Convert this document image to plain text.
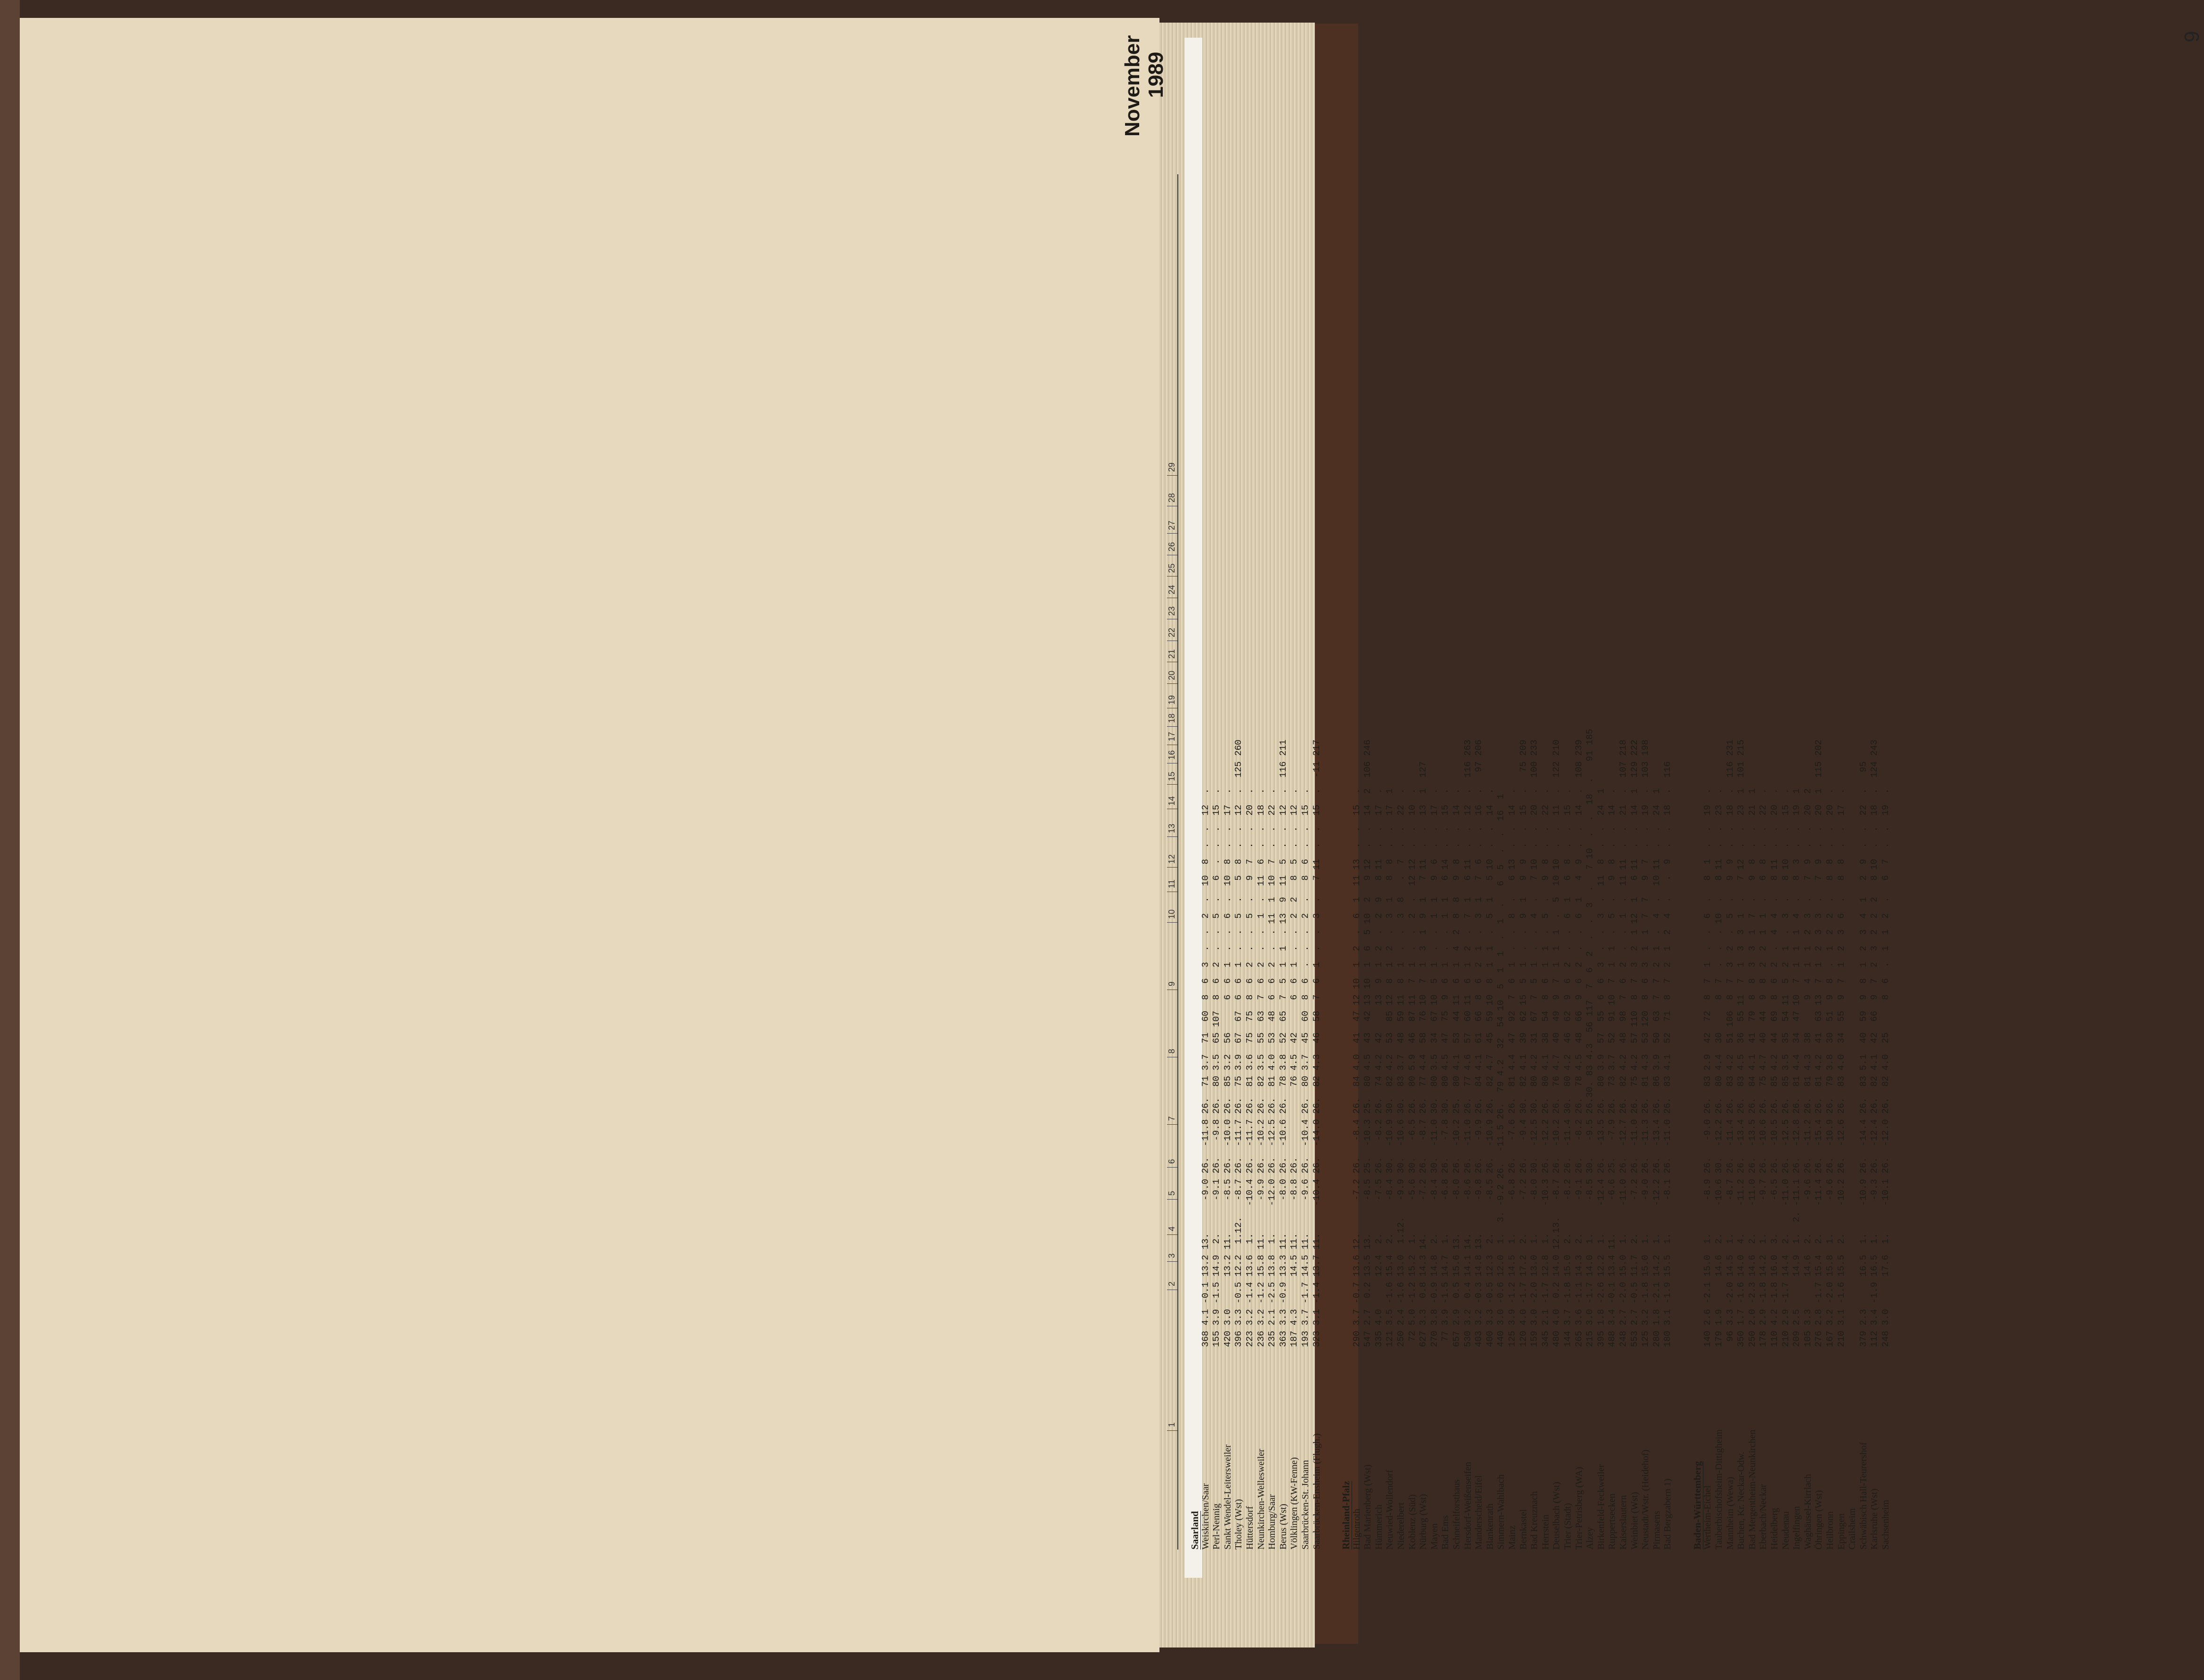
November 1989
1
2
3
4
5
6
7
8
9
10
11
12
13
14
15
16
17
18
19
20
21
22
23
24
25
26
27
28
29
Saarland Weiskirchen/Saar
368 4.1 -0.1 13.2 13.      -9.0 26.  -11.8 26.  71 3.7  71  60  8  6  3  .  .  2  .  10  8  .  .  12  .
Perl-Nennig
155 3.9 -1.5 14.9  2.      -9.1 26.   -9.8 26.  80 3.5  65 107  8  6  2  .  .  5  .   6  .  .  .  15  .
Sankt Wendel-Leitersweiler
420 3.0      13.2 11.      -8.5 26.  -10.0 26.  85 3.2  56      6  6  1  .  .  6  .  10  8  .  .  17  .
Tholey (Wst)
396 3.3 -0.5 12.2  1.12.   -8.7 26.  -11.7 26.  75 3.9  67  67  6  6  1  .  .  5  .   5  8  .  .  12  .  125 260
Hüttersdorf
223 3.2 -1.4 13.6  1.     -10.4 26.  -11.7 26.  81 3.6  75  75  8  6  2  .  .  5  .   9  7  .  .  20  .
Neunkirchen-Wellesweiler
236 3.2 -1.2 15.8 11.      -9.9 26.  -10.2 26.  82 3.5  55  63  7  6  2  .  .  1  .  11  6  .  .  18  .
Homburg/Saar
235 2.1 -2.5 13.8  1.     -12.0 26.  -12.5 26.  81 4.0  53  48  6  6  2  .  . 11  1  10  7  .  .  22  .
Berus (Wst)
363 3.3 -0.9 13.3 11.      -8.0 26.  -10.6 26.  78 3.8  52  65  7  5  1  1  . 13  9  11  5  .  .  12  .  116 211
Völklingen (KW-Fenne)
187 4.3      14.5 11.      -8.8 26.             76 4.5  42      6  6  1  .  .  2  2   8  5  .  .  12  .
Saarbrücken-St. Johann
193 3.7 -1.7 14.5 11.      -9.6 26.  -10.4 26.  80 3.7  45  60  8  6  .  .  .  2  .   8  6  .  .  15  .
Saarbrücken-Ensheim (Flugh.)
323 3.1 -1.4 13.7 11.     -10.4 26.  -14.0 26.  82 4.3  46  58  7  6  1  .  .  3  .   7 11  .  .  15  .  -11 217
Rheinland-Pfalz Hilgenroth
290 3.7 -0.7 13.6 12.      -7.2 26.   -8.4 26.  84 4.0  41  47 12 10  1  2  .  6  1  11 13  .  .  15  .
Bad Marienberg (Wst)
547 2.7  0.2 13.5 13.      -8.5 25.  -10.3 25.  80 4.5  43  42 13 10  1  6  5 10  2   9 12  .  .  14  2  106 246
Hümmerich
335 4.0      12.4  2.      -7.5 26.   -8.2 26.  74 4.2  42     13  9  1  2  .  2  9   8 11  .  .  17  .
Neuwied-Wollendorf
121 3.5 -1.6 15.4  2.      -8.4 30.  -10.9 30.  82 4.2  53  85 12  8  1  2  .  3  1   8  8  .  .  17  1
Niederelbert
250 2.4 -1.6 13.0  1.12.   -9.9 30.  -10.6 30.  83 3.7  48  59 11  8  1  .  .  3  8   .  7  .  .  22  .
Koblenz (Süd)
72 5.0 -1.2 15.2  1.      -5.6 30.   -6.5 26.  80 5.9  46  87 11  7  1  .  .  2  .  12 12  .  .  10  .
Nürburg (Wst)
627 3.3  0.8 14.3 14.      -7.2 26.   -8.7 26.  77 4.4  58  76 10  7  1  3  1  9  1   7 11  .  .  13  1  127
Mayen
270 3.8 -0.9 14.8  2.      -8.4 30.  -11.0 30.  80 3.5  34  67 10  5  1  .  .  1  1   9  6  .  .  17  .
Bad Ems
77 3.9 -1.5 14.7  1.      -6.8 26.   -7.8 30.  80 4.5  47  75  9  6  1  .  .  1  1   6 14  .  .  15  .
Schneifelforsthaus
657 2.9  0.5 15.6 13.      -8.0 26.  -10.2 25.  80 4.1  53  44 11  6  1  4  2  8  8   9  8  .  .  14  .
Hersdorf-Weißenseifen
530 3.2  0.4 14.1 14.      -8.6 26.  -11.0 26.  77 4.6  57  60 11  6  1  2  .  7  1   6 11  .  .  12  .  116 263
Manderscheid/Eifel
403 3.2 -0.3 14.8 13.      -9.8 26.   -9.9 26.  84 4.1  61  66  8  6  2  1  .  3  1   7  6  .  .  16  .   97 206
Blankenrath
400 3.3 -0.5 12.3  2.      -8.5 26.  -10.9 26.  82 4.7  45  59 10  8  1  1  .  5  1   5 10  .  .  14  .
Simmern-Wahlbach
440 3.0 -0.6 12.0  1.  3. -9.2 26.  -11.5 26.  79 4.2  32  54 10  5  1  1  .  1  .   6  5  .  .  16  1
Mainz
125 3.9 -1.2 14.5  1.      -6.8 26.   -7.6 26.  81 4.4  47  92  7  6  1  .  .  8  .   6 13  .  .  14  .
Bernkastel
120 4.0 -1.7 17.2  2.      -7.2 26.   -9.4 30.  82 4.1  39  62 15  5  1  .  .  9  1   9  9  .  .  15  .   75 209
Bad Kreuznach
159 3.0 -2.0 13.0  1.      -8.0 30.  -12.5 30.  80 4.2  31  67  7  5  1  .  .  4  .   7 10  .  .  20  .  100 233
Herrstein
345 2.1 -1.7 12.8  1.     -10.3 26.  -12.2 26.  80 4.1  38  54  8  6  1  1  .  5  .   9  8  .  .  22  .
Deuselbach (Wst)
480 4.0  0.2 14.0 12.13.   -8.7 26.  -10.2 26.  76 4.7  40  49  9  7  1  1  1  .  5  10 10  .  .  11  .  122 210
Trier (Stadt)
144 3.7 -1.8 15.0  2.      -8.2 26.  -11.4 30.  80 4.2  46  62  9  6  2  .  .  6  1   6  8  .  .  15  .
Trier-Petrisberg (WA)
265 3.6 -1.1 14.3  2.      -9.1 26.   -8.2 26.  78 4.5  48  66  9  6  2  .  .  6  1   4  9  .  .  14  .  108 239
Alzey
215 3.0 -1.7 14.0  1.      -8.5 30.   -9.5 26.30. 83 4.3  56 117  7  6  2  .  .  3  .   7 10  .  .  18  .   91 185
Birkenfeld-Feckweiler
395 1.8 -2.6 12.2  1.     -12.4 26.  -13.5 26.  80 3.9  57  55  6  6  3  .  .  3  .  11  8  .  .  24  1
Ruppertsecken
488 3.4 -0.1 13.4 11.      -6.6 25.   -7.9 26.  73 3.7  52  91 10  7  1  1  .  5  .   9  8  .  .  14  .
Kaiserslautern
248 2.7 -2.0 15.0  1.     -11.0 26.  -12.7 26.  82 4.2  48  98  7  6  2  .  .  1  .  11 11  .  .  21  .  107 218
Weinbiet (Wst)
553 2.7 -0.5 11.7  2.      -7.2 26.  -11.0 26.  75 4.2  57 110  8  7  3  2  1 12  1   6 11  .  .  14  1  129 222
Neustadt/Wstr. (Heidehof)
125 3.2 -1.8 15.0  1.      -9.0 26.  -11.3 26.  81 4.3  53 120  8  6  3  1  1  7  7   9  7  .  .  19  .  103 198
Pirmasens
280 1.8 -2.1 14.2  1.     -12.2 26.  -13.4 26.  86 3.9  50  63  7  7  2  1  .  4  .  10 11  .  .  24  1
Bad Bergzabern 1)
180 3.1 -1.9 15.5  1.      -8.1 26.  -11.0 26.  83 4.1  52  71  8  7  2  1  2  4  .   .  9  .  .  18  .  116
Baden-Württemberg Wertheim-Eichel
140 2.6 -2.1 15.0  1.      -8.9 26.   -9.0 26.  83 2.9  42  72  8  7  1  .  .  6  .   8  1  .  .  19  .
Tauberbischofsheim-Dittigheim
179 1.9      14.6  2.     -10.6 30.  -12.2 26.  80 4.4  30      8  7  .  .  . 10  .   8 11  .  .  23  .
Mannheim (Wewa)
96 3.3 -2.0 14.5  1.      -8.7 26.  -11.4 26.  83 4.2  51 106  8  7  3  2  .  5  .   9  9  .  .  18  .  116 231
Buchen, Kr. Neckar-Odw.
350 1.7 -1.6 14.0  4.     -11.2 26.  -13.4 26.  83 4.5  36  55 11  7  1  3  3  1  .   7 12  .  .  23  1  101 215
Bad Mergentheim-Neunkirchen
250 2.0 -2.3 14.6  2.     -11.0 26.  -13.5 26.  84 4.1  41  79  8  8  3  3  1  7  .   9  8  .  .  21  1
Eberbach/Neckar
178 2.9 -1.8 14.2  1.      -9.7 26.  -10.6 26.  75 4.7  40  44  9  8  2  2  1  1  .   6  8  .  .  22  .
Heidelberg
110 4.2 -1.8 16.0  3.      -6.5 26.  -10.5 26.  85 4.2  44  69  8  6  2  .  4  4  .   8 11  .  .  20  .
Neudenau
210 2.9 -1.7 14.4  2.     -11.0 26.  -12.5 26.  85 3.5  35  54 11  5  2  1  .  3  .   8 10  .  .  15  .
Ingelfingen
209 2.5      14.9  1.  2. -11.1 26.  -12.8 26.  81 4.4  34  47 10  7  1  1  1  4  .   8  3  .  .  19  1
Waghäusel-Kirrlach
105 3.3      14.6  2.      -9.6 26.  -11.2 26.  81 4.3  38      9  4  1  1  2  3  .   7  9  .  .  20  2
Öhringen (Wst)
276 2.8 -1.7 15.4  2.     -11.4 26.  -15.4 26.  81 4.2  41  63 13  7  1  2  3  3  .   7  9  .  .  20  1  115 202
Heilbronn
167 3.2 -2.0 15.8  1.      -9.6 26.  -10.9 26.  79 3.8  30  51  9  8  .  1  2  2  .   8  8  .  .  20  .
Eppingen
210 3.1 -1.6 15.5  2.     -10.2 26.  -12.6 26.  83 4.0  34  55  9  7  1  2  3  6  .   8  8  .  .  17  .
Crailsheim
Schwäbisch Hall-Teurershof
379 2.3      16.5  1.     -10.9 26.  -14.4 26.  83 5.1  40  59  9  8  1  2  3  4  1   2  9  .  .  22  .   95
Karlsruhe (Wst)
112 3.4 -1.9 16.5  1.      -9.3 26.  -12.4 26.  82 4.1  42  66  9  7  2  3  2  2  2   8 10  .  .  18  .  124 243
Sachsenheim
248 3.0      17.6  1.     -10.1 26.  -12.0 26.  82 4.0  25      8  6  .  1  1  2  .   6  7  .  .  19  .
9
